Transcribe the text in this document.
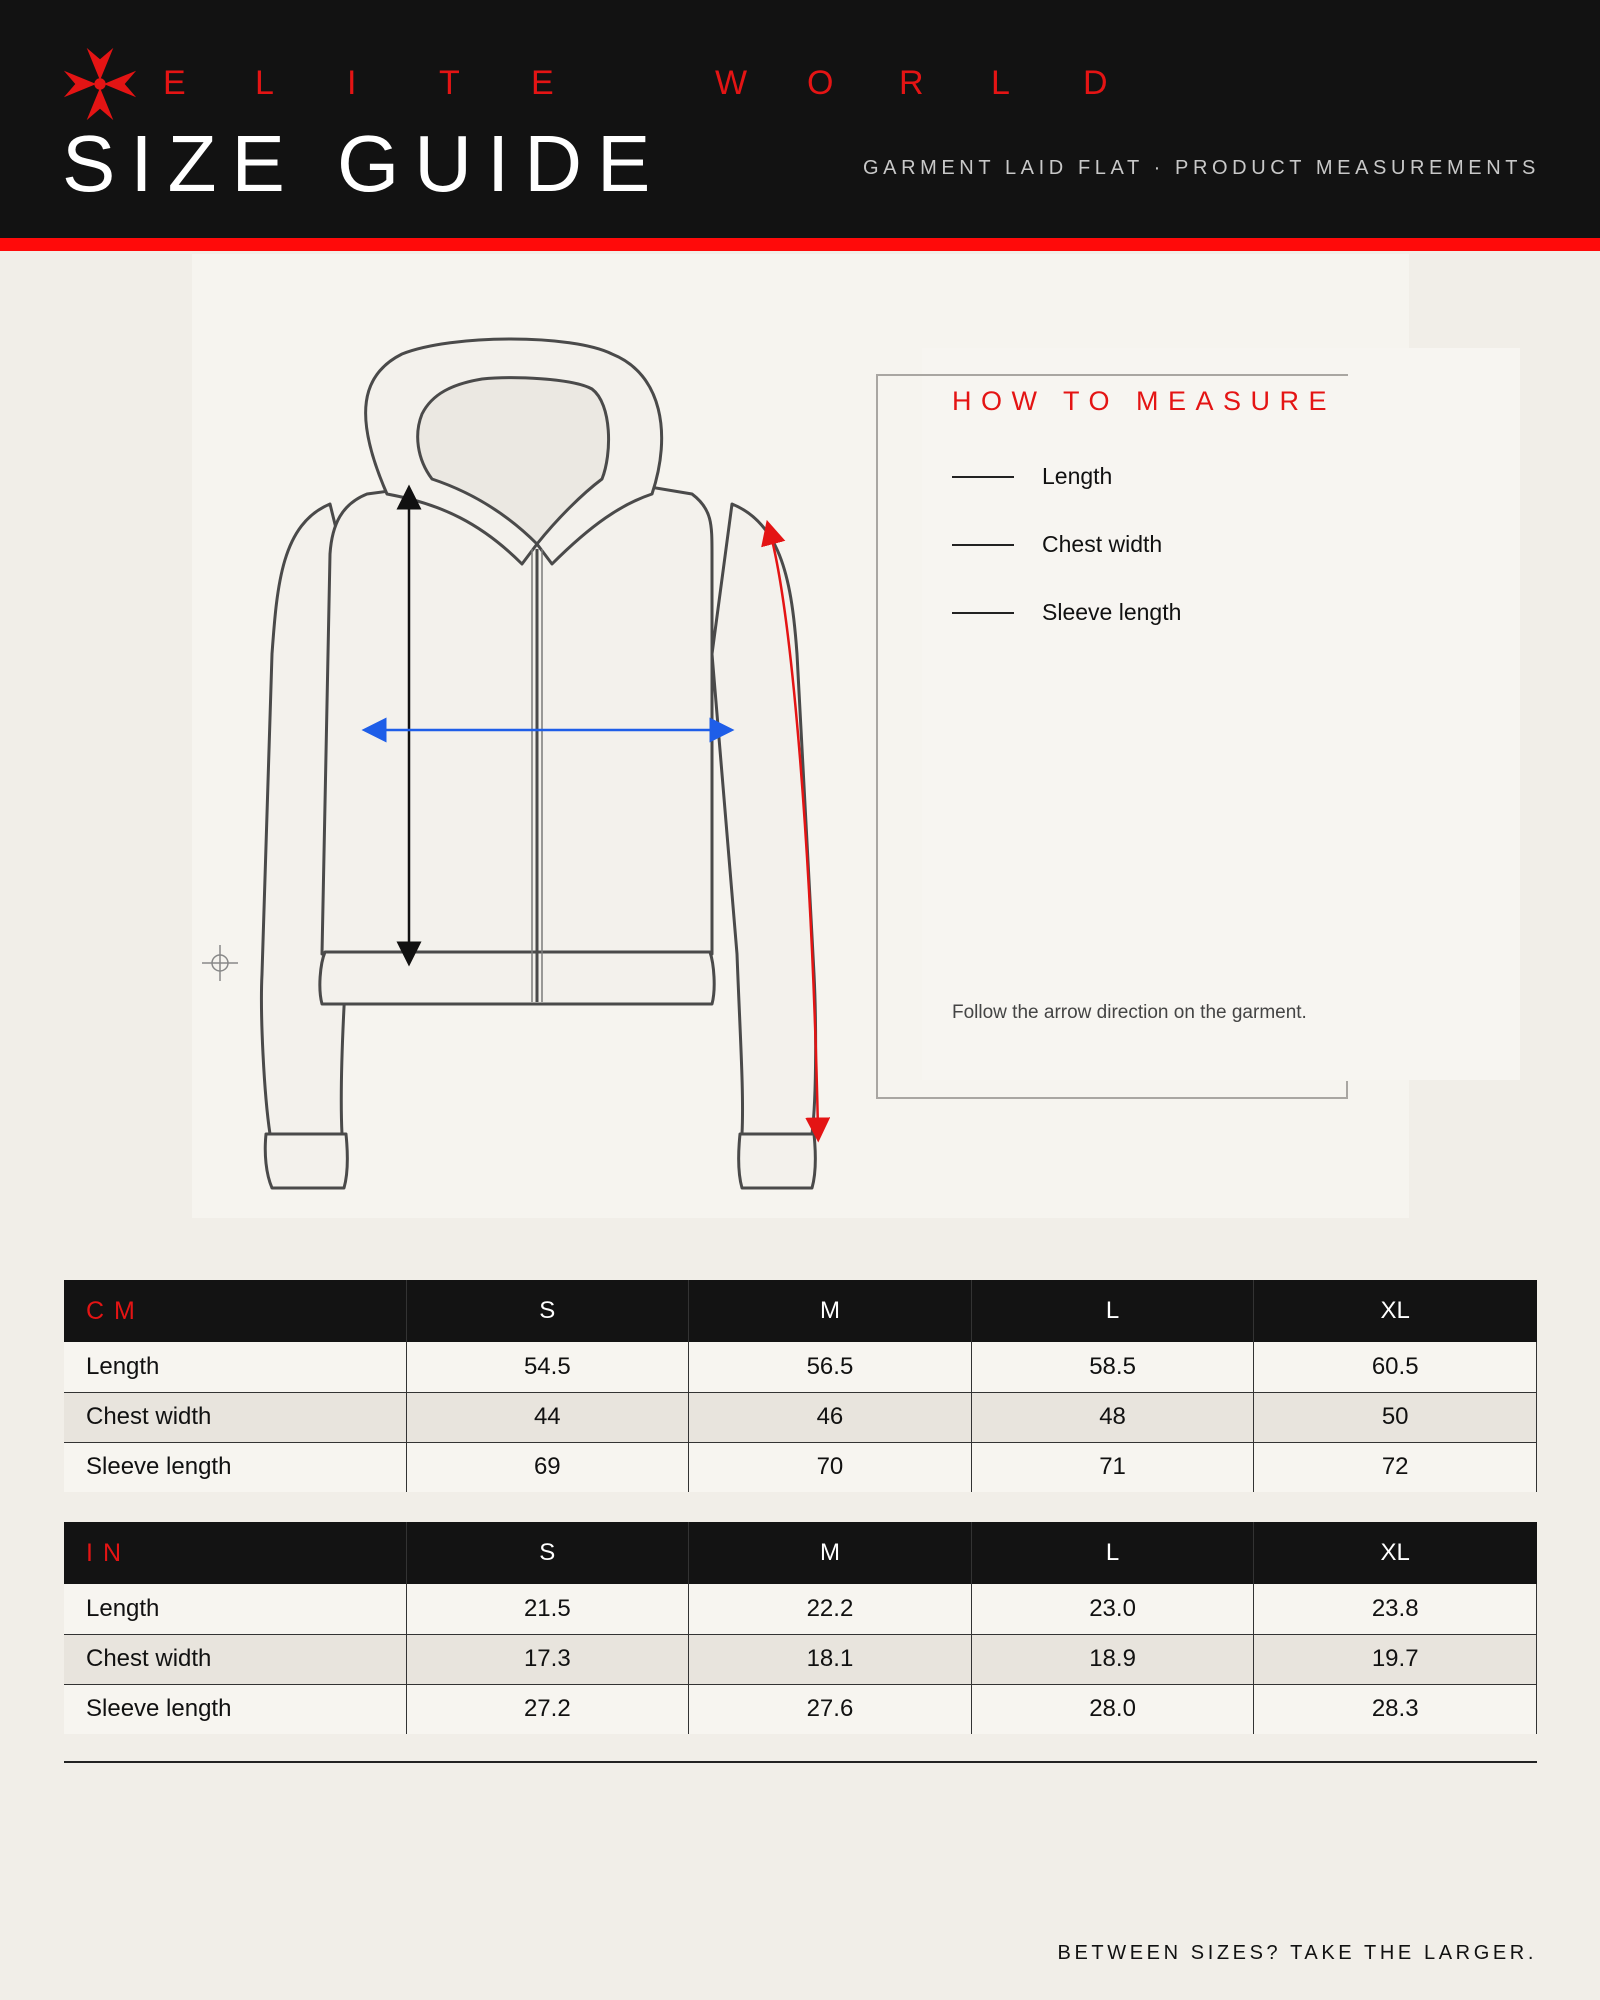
E	L	I	T	E	W	O	R	L	D
SIZE GUIDE	GARMENT LAID FLAT · PRODUCT MEASUREMENTS
HOW TO MEASURE
Length
Chest width
Sleeve length
Follow the arrow direction on the garment.
CM	S	M	L	XL
Length	54.5	56.5	58.5	60.5
Chest width	44	46	48	50
Sleeve length	69	70	71	72
IN	S	M	L	XL
Length	21.5	22.2	23.0	23.8
Chest width	17.3	18.1	18.9	19.7
Sleeve length	27.2	27.6	28.0	28.3
BETWEEN SIZES? TAKE THE LARGER.
